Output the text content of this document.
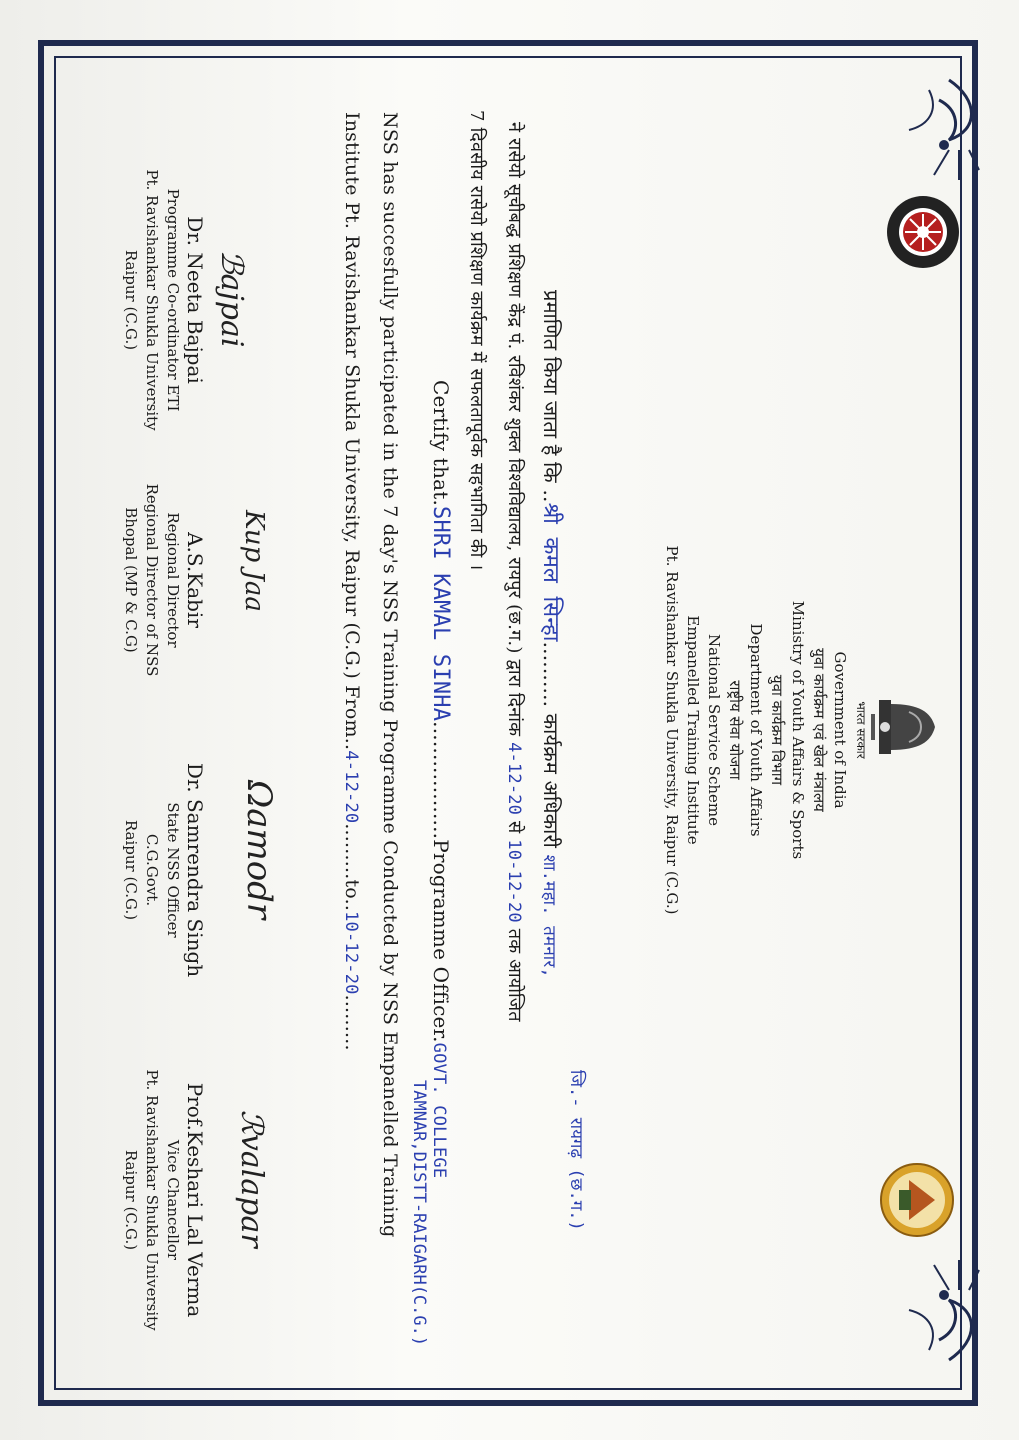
भारत सरकार
Government of India
युवा कार्यक्रम एवं खेल मंत्रालय
Ministry of Youth Affairs & Sports
युवा कार्यक्रम विभाग
Department of Youth Affairs
राष्ट्रीय सेवा योजना
National Service Scheme
Empanelled Training Institute
Pt. Ravishankar Shukla University, Raipur (C.G.)
प्रमाणित किया जाता है कि ..श्री कमल सिन्हा.......... कार्यक्रम अधिकारी शा.महा. तमनार,
जि.- रायगढ़ (छ.ग.)
ने रासेयो सूचीबद्ध प्रशिक्षण केंद्र पं. रविशंकर शुक्ल विश्वविद्यालय, रायपुर (छ.ग.) द्वारा दिनांक 4-12-20 से 10-12-20 तक आयोजित
7 दिवसीय रासेयो प्रशिक्षण कार्यक्रम में सफलतापूर्वक सहभागिता की ।
Certify that.SHRI KAMAL SINHA..................Programme Officer.GOVT. COLLEGE
TAMNAR,DISTT-RAIGARH(C.G.)
NSS has succesfully participated in the 7 day's NSS Training Programme Conducted by NSS Empanelled Training
Institute Pt. Ravishankar Shukla University, Raipur (C.G.) From..4-12-20.........to..10-12-20.........
ℬajpai
Kup Jaa
Ω​amodr
ℛvalapar
Dr. Neeta Bajpai
Programme Co-ordinator ETI
Pt. Ravishankar Shukla University
Raipur (C.G.)
A.S.Kabir
Regional Director
Regional Director of NSS
Bhopal (MP & C.G)
Dr. Samrendra Singh
State NSS Officer
C.G.Govt.
Raipur (C.G.)
Prof.Keshari Lal Verma
Vice Chancellor
Pt. Ravishankar Shukla University
Raipur (C.G.)
